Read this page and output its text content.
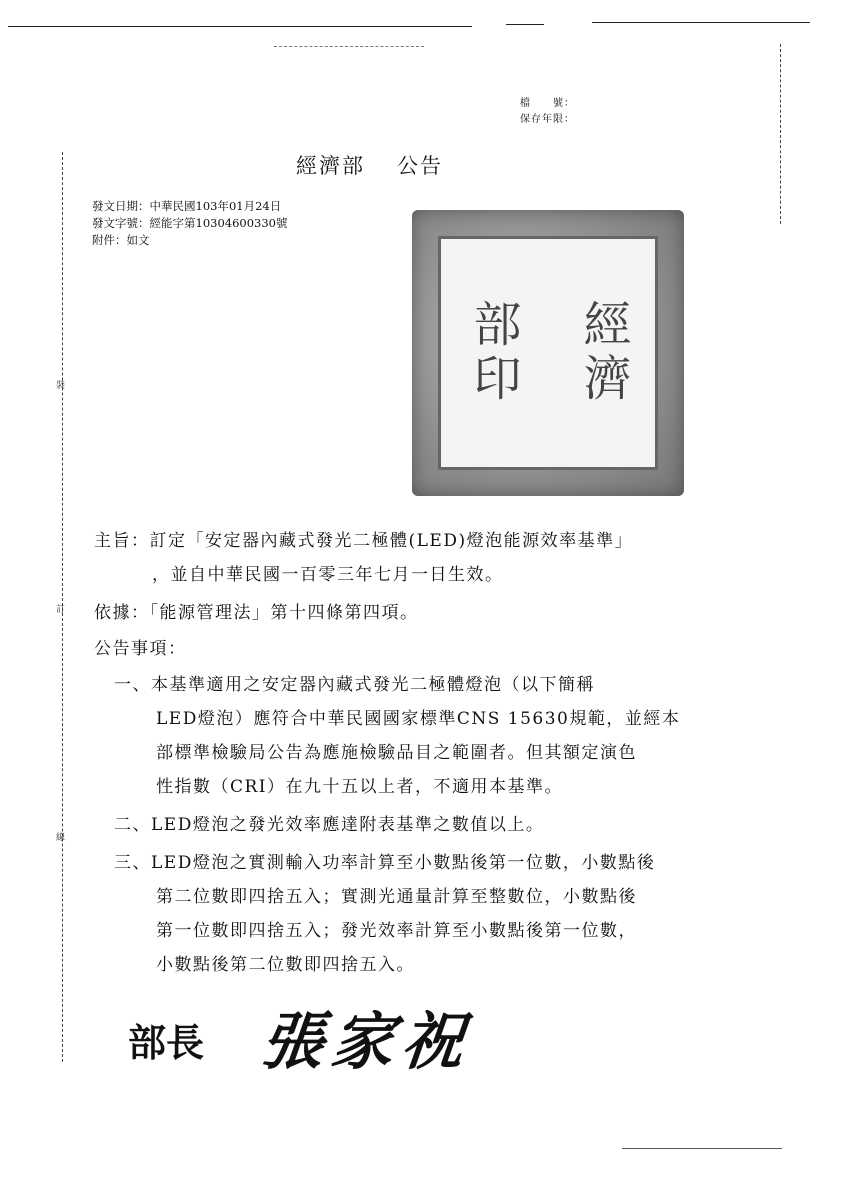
裝
訂
線
檔　　號：
保存年限：
經濟部 公告
發文日期：中華民國103年01月24日
發文字號：經能字第10304600330號
附件：如文
經濟
部印
主旨：訂定「安定器內藏式發光二極體(LED)燈泡能源效率基準」
，並自中華民國一百零三年七月一日生效。
依據：「能源管理法」第十四條第四項。
公告事項：
一、本基準適用之安定器內藏式發光二極體燈泡（以下簡稱
LED燈泡）應符合中華民國國家標準CNS 15630規範，並經本
部標準檢驗局公告為應施檢驗品目之範圍者。但其額定演色
性指數（CRI）在九十五以上者，不適用本基準。
二、LED燈泡之發光效率應達附表基準之數值以上。
三、LED燈泡之實測輸入功率計算至小數點後第一位數，小數點後
第二位數即四捨五入；實測光通量計算至整數位，小數點後
第一位數即四捨五入；發光效率計算至小數點後第一位數，
小數點後第二位數即四捨五入。
部長 張家祝
